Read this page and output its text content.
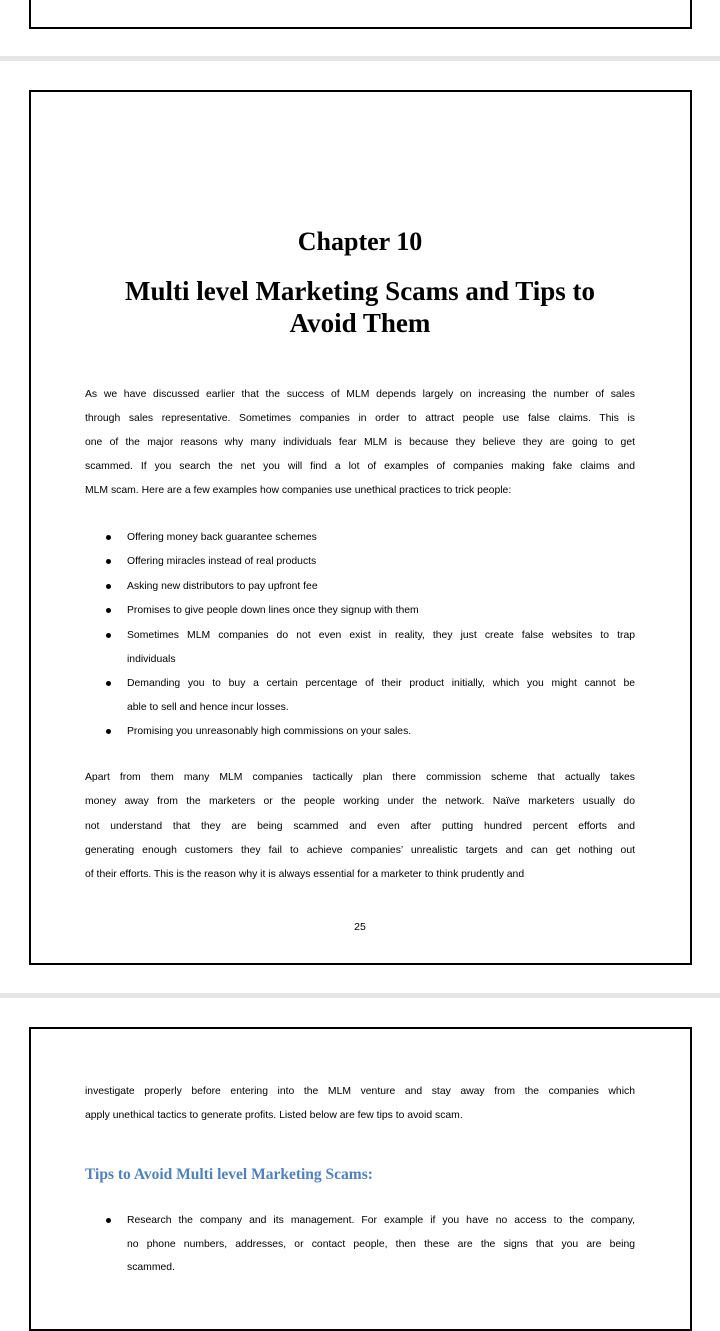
Chapter 10
Multi level Marketing Scams and Tips to
Avoid Them
As we have discussed earlier that the success of MLM depends largely on increasing the number of sales
through sales representative. Sometimes companies in order to attract people use false claims. This is
one of the major reasons why many individuals fear MLM is because they believe they are going to get
scammed. If you search the net you will find a lot of examples of companies making fake claims and
MLM scam. Here are a few examples how companies use unethical practices to trick people:
Offering money back guarantee schemes
Offering miracles instead of real products
Asking new distributors to pay upfront fee
Promises to give people down lines once they signup with them
Sometimes MLM companies do not even exist in reality, they just create false websites to trap
individuals
Demanding you to buy a certain percentage of their product initially, which you might cannot be
able to sell and hence incur losses.
Promising you unreasonably high commissions on your sales.
Apart from them many MLM companies tactically plan there commission scheme that actually takes
money away from the marketers or the people working under the network. Naïve marketers usually do
not understand that they are being scammed and even after putting hundred percent efforts and
generating enough customers they fail to achieve companies’ unrealistic targets and can get nothing out
of their efforts. This is the reason why it is always essential for a marketer to think prudently and
investigate properly before entering into the MLM venture and stay away from the companies which
apply unethical tactics to generate profits. Listed below are few tips to avoid scam.
Research the company and its management. For example if you have no access to the company,
no phone numbers, addresses, or contact people, then these are the signs that you are being
scammed.
25
Tips to Avoid Multi level Marketing Scams:
